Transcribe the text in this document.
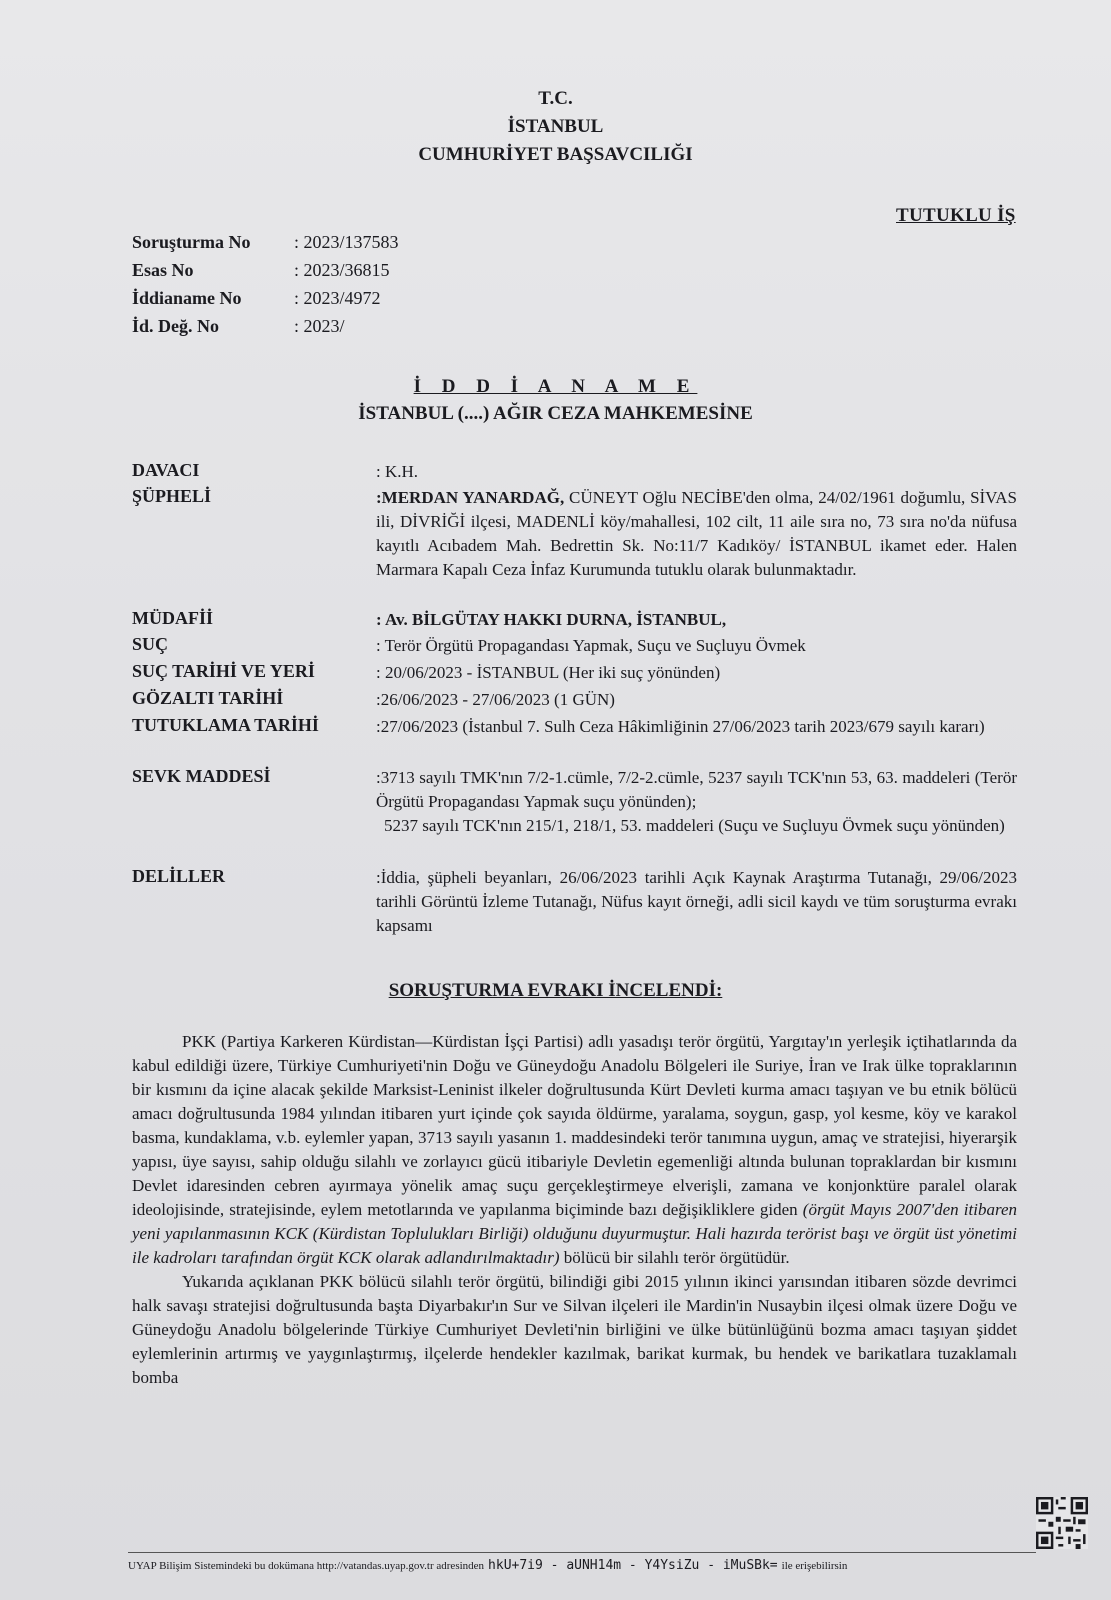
T.C.
İSTANBUL
CUMHURİYET BAŞSAVCILIĞI
TUTUKLU İŞ
Soruşturma No	: 2023/137583
Esas No	: 2023/36815
İddianame No	: 2023/4972
İd. Değ. No	: 2023/
İ D D İ A N A M E
İSTANBUL (....) AĞIR CEZA MAHKEMESİNE
DAVACI	: K.H.
ŞÜPHELİ	:MERDAN YANARDAĞ, CÜNEYT Oğlu NECİBE'den olma, 24/02/1961 doğumlu, SİVAS ili, DİVRİĞİ ilçesi, MADENLİ köy/mahallesi, 102 cilt, 11 aile sıra no, 73 sıra no'da nüfusa kayıtlı Acıbadem Mah. Bedrettin Sk. No:11/7 Kadıköy/ İSTANBUL ikamet eder. Halen Marmara Kapalı Ceza İnfaz Kurumunda tutuklu olarak bulunmaktadır.
MÜDAFİİ	: Av. BİLGÜTAY HAKKI DURNA, İSTANBUL,
SUÇ	: Terör Örgütü Propagandası Yapmak, Suçu ve Suçluyu Övmek
SUÇ TARİHİ VE YERİ	: 20/06/2023 - İSTANBUL (Her iki suç yönünden)
GÖZALTI TARİHİ	:26/06/2023 - 27/06/2023 (1 GÜN)
TUTUKLAMA TARİHİ	:27/06/2023 (İstanbul 7. Sulh Ceza Hâkimliğinin 27/06/2023 tarih 2023/679 sayılı kararı)
SEVK MADDESİ	:3713 sayılı TMK'nın 7/2-1.cümle, 7/2-2.cümle, 5237 sayılı TCK'nın 53, 63. maddeleri (Terör Örgütü Propagandası Yapmak suçu yönünden);
5237 sayılı TCK'nın 215/1, 218/1, 53. maddeleri (Suçu ve Suçluyu Övmek suçu yönünden)
DELİLLER	:İddia, şüpheli beyanları, 26/06/2023 tarihli Açık Kaynak Araştırma Tutanağı, 29/06/2023 tarihli Görüntü İzleme Tutanağı, Nüfus kayıt örneği, adli sicil kaydı ve tüm soruşturma evrakı kapsamı
SORUŞTURMA EVRAKI İNCELENDİ:

PKK (Partiya Karkeren Kürdistan—Kürdistan İşçi Partisi) adlı yasadışı terör örgütü, Yargıtay'ın yerleşik içtihatlarında da kabul edildiği üzere, Türkiye Cumhuriyeti'nin Doğu ve Güneydoğu Anadolu Bölgeleri ile Suriye, İran ve Irak ülke topraklarının bir kısmını da içine alacak şekilde Marksist-Leninist ilkeler doğrultusunda Kürt Devleti kurma amacı taşıyan ve bu etnik bölücü amacı doğrultusunda 1984 yılından itibaren yurt içinde çok sayıda öldürme, yaralama, soygun, gasp, yol kesme, köy ve karakol basma, kundaklama, v.b. eylemler yapan, 3713 sayılı yasanın 1. maddesindeki terör tanımına uygun, amaç ve stratejisi, hiyerarşik yapısı, üye sayısı, sahip olduğu silahlı ve zorlayıcı gücü itibariyle Devletin egemenliği altında bulunan topraklardan bir kısmını Devlet idaresinden cebren ayırmaya yönelik amaç suçu gerçekleştirmeye elverişli, zamana ve konjonktüre paralel olarak ideolojisinde, stratejisinde, eylem metotlarında ve yapılanma biçiminde bazı değişikliklere giden (örgüt Mayıs 2007'den itibaren yeni yapılanmasının KCK (Kürdistan Toplulukları Birliği) olduğunu duyurmuştur. Hali hazırda terörist başı ve örgüt üst yönetimi ile kadroları tarafından örgüt KCK olarak adlandırılmaktadır) bölücü bir silahlı terör örgütüdür.

Yukarıda açıklanan PKK bölücü silahlı terör örgütü, bilindiği gibi 2015 yılının ikinci yarısından itibaren sözde devrimci halk savaşı stratejisi doğrultusunda başta Diyarbakır'ın Sur ve Silvan ilçeleri ile Mardin'in Nusaybin ilçesi olmak üzere Doğu ve Güneydoğu Anadolu bölgelerinde Türkiye Cumhuriyet Devleti'nin birliğini ve ülke bütünlüğünü bozma amacı taşıyan şiddet eylemlerinin artırmış ve yaygınlaştırmış, ilçelerde hendekler kazılmak, barikat kurmak, bu hendek ve barikatlara tuzaklamalı bomba

UYAP Bilişim Sistemindeki bu dokümana http://vatandas.uyap.gov.tr adresinden hkU+7i9 - aUNH14m - Y4YsiZu - iMuSBk= ile erişebilirsin
